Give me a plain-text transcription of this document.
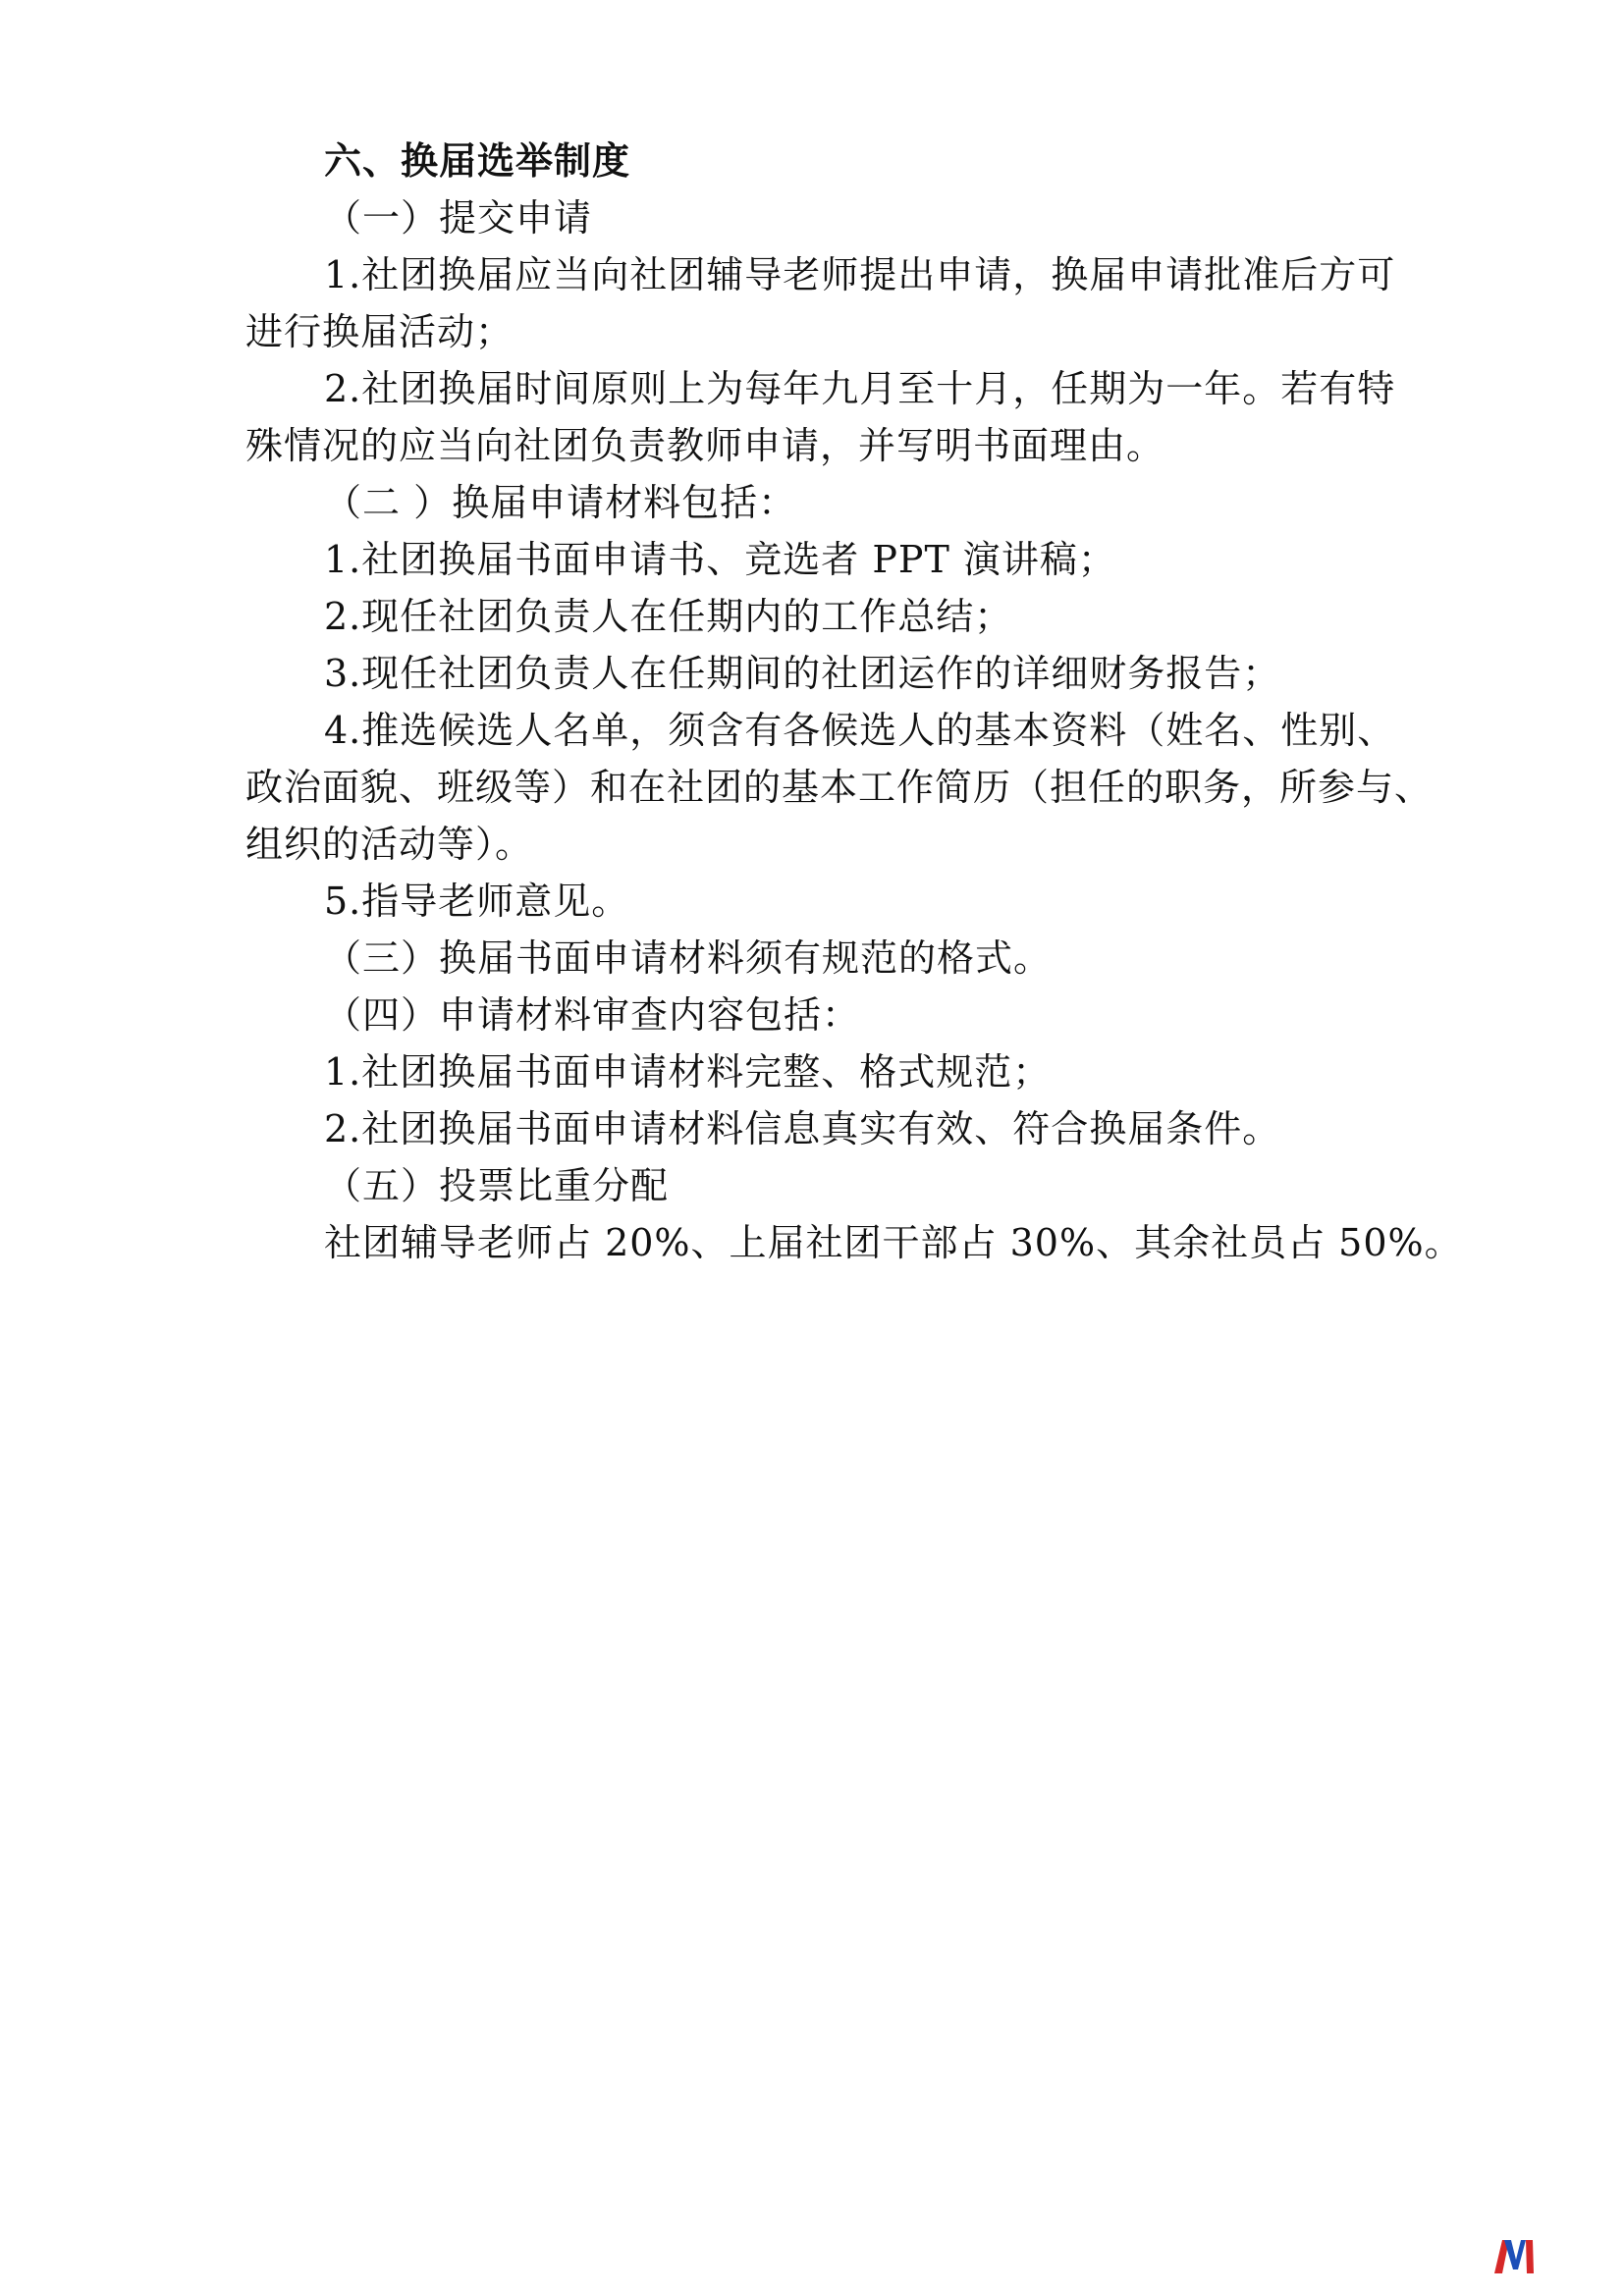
六、换届选举制度
（一）提交申请
1.社团换届应当向社团辅导老师提出申请，换届申请批准后方可
进行换届活动；
2.社团换届时间原则上为每年九月至十月，任期为一年。若有特
殊情况的应当向社团负责教师申请，并写明书面理由。
（二 ）换届申请材料包括：
1.社团换届书面申请书、竞选者 PPT 演讲稿；
2.现任社团负责人在任期内的工作总结；
3.现任社团负责人在任期间的社团运作的详细财务报告；
4.推选候选人名单，须含有各候选人的基本资料（姓名、性别、
政治面貌、班级等）和在社团的基本工作简历（担任的职务，所参与、
组织的活动等）。
5.指导老师意见。
（三）换届书面申请材料须有规范的格式。
（四）申请材料审查内容包括：
1.社团换届书面申请材料完整、格式规范；
2.社团换届书面申请材料信息真实有效、符合换届条件。
（五）投票比重分配
社团辅导老师占 20%、上届社团干部占 30%、其余社员占 50%。
